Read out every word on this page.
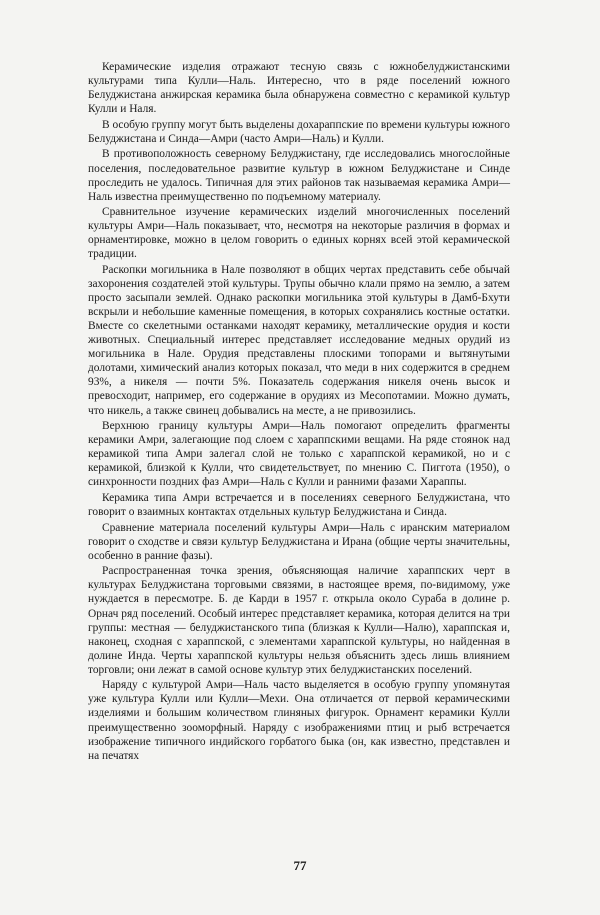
Керамические изделия отражают тесную связь с южнобелуджистанскими культурами типа Кулли—Наль. Интересно, что в ряде поселений южного Белуджистана анжирская керамика была обнаружена совместно с керамикой культур Кулли и Наля.

В особую группу могут быть выделены дохараппские по времени культуры южного Белуджистана и Синда—Амри (часто Амри—Наль) и Кулли.

В противоположность северному Белуджистану, где исследовались многослойные поселения, последовательное развитие культур в южном Белуджистане и Синде проследить не удалось. Типичная для этих районов так называемая керамика Амри—Наль известна преимущественно по подъемному материалу.

Сравнительное изучение керамических изделий многочисленных поселений культуры Амри—Наль показывает, что, несмотря на некоторые различия в формах и орнаментировке, можно в целом говорить о единых корнях всей этой керамической традиции.

Раскопки могильника в Нале позволяют в общих чертах представить себе обычай захоронения создателей этой культуры. Трупы обычно клали прямо на землю, а затем просто засыпали землей. Однако раскопки могильника этой культуры в Дамб-Бхути вскрыли и небольшие каменные помещения, в которых сохранялись костные остатки. Вместе со скелетными останками находят керамику, металлические орудия и кости животных. Специальный интерес представляет исследование медных орудий из могильника в Нале. Орудия представлены плоскими топорами и вытянутыми долотами, химический анализ которых показал, что меди в них содержится в среднем 93%, а никеля — почти 5%. Показатель содержания никеля очень высок и превосходит, например, его содержание в орудиях из Месопотамии. Можно думать, что никель, а также свинец добывались на месте, а не привозились.

Верхнюю границу культуры Амри—Наль помогают определить фрагменты керамики Амри, залегающие под слоем с хараппскими вещами. На ряде стоянок над керамикой типа Амри залегал слой не только с хараппской керамикой, но и с керамикой, близкой к Кулли, что свидетельствует, по мнению С. Пиггота (1950), о синхронности поздних фаз Амри—Наль с Кулли и ранними фазами Хараппы.

Керамика типа Амри встречается и в поселениях северного Белуджистана, что говорит о взаимных контактах отдельных культур Белуджистана и Синда.

Сравнение материала поселений культуры Амри—Наль с иранским материалом говорит о сходстве и связи культур Белуджистана и Ирана (общие черты значительны, особенно в ранние фазы).

Распространенная точка зрения, объясняющая наличие хараппских черт в культурах Белуджистана торговыми связями, в настоящее время, по-видимому, уже нуждается в пересмотре. Б. де Карди в 1957 г. открыла около Сураба в долине р. Орнач ряд поселений. Особый интерес представляет керамика, которая делится на три группы: местная — белуджистанского типа (близкая к Кулли—Налю), хараппская и, наконец, сходная с хараппской, с элементами хараппской культуры, но найденная в долине Инда. Черты хараппской культуры нельзя объяснить здесь лишь влиянием торговли; они лежат в самой основе культур этих белуджистанских поселений.

Наряду с культурой Амри—Наль часто выделяется в особую группу упомянутая уже культура Кулли или Кулли—Мехи. Она отличается от первой керамическими изделиями и большим количеством глиняных фигурок. Орнамент керамики Кулли преимущественно зооморфный. Наряду с изображениями птиц и рыб встречается изображение типичного индийского горбатого быка (он, как известно, представлен и на печатях

77
